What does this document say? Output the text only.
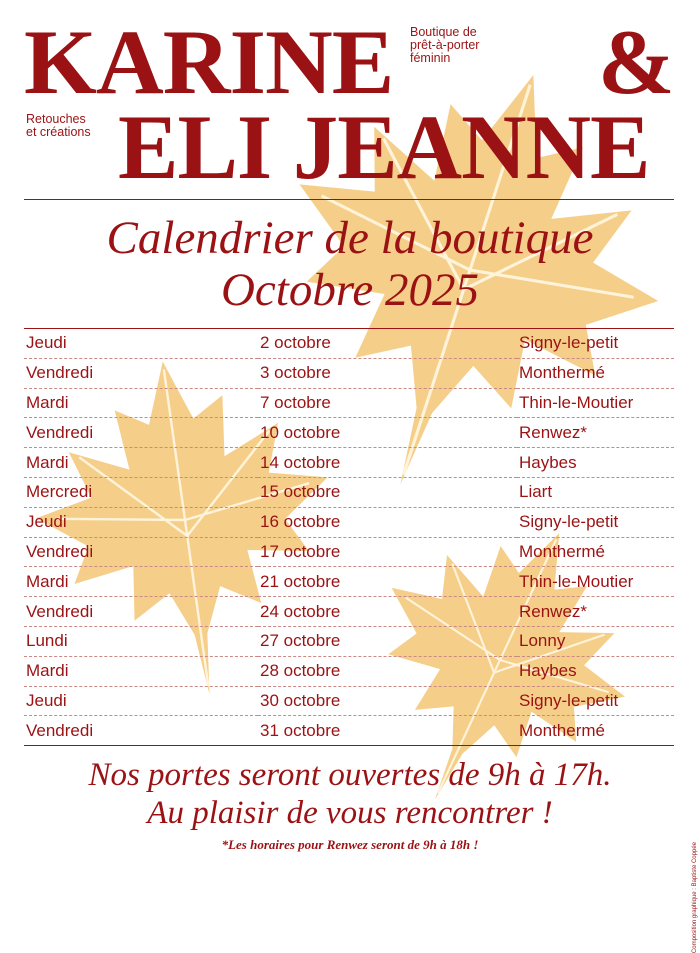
KARINE Boutique de
prêt-à-porter
féminin	&
Retouches
et créations ELI JEANNE
Calendrier de la boutique
Octobre 2025
Jeudi	2 octobre	Signy-le-petit
Vendredi	3 octobre	Monthermé
Mardi	7 octobre	Thin-le-Moutier
Vendredi	10 octobre	Renwez*
Mardi	14 octobre	Haybes
Mercredi	15 octobre	Liart
Jeudi	16 octobre	Signy-le-petit
Vendredi	17 octobre	Monthermé
Mardi	21 octobre	Thin-le-Moutier
Vendredi	24 octobre	Renwez*
Lundi	27 octobre	Lonny
Mardi	28 octobre	Haybes
Jeudi	30 octobre	Signy-le-petit
Vendredi	31 octobre	Monthermé
Nos portes seront ouvertes de 9h à 17h.
Au plaisir de vous rencontrer !
*Les horaires pour Renwez seront de 9h à 18h !	Composition graphique : Baptiste Coppée
